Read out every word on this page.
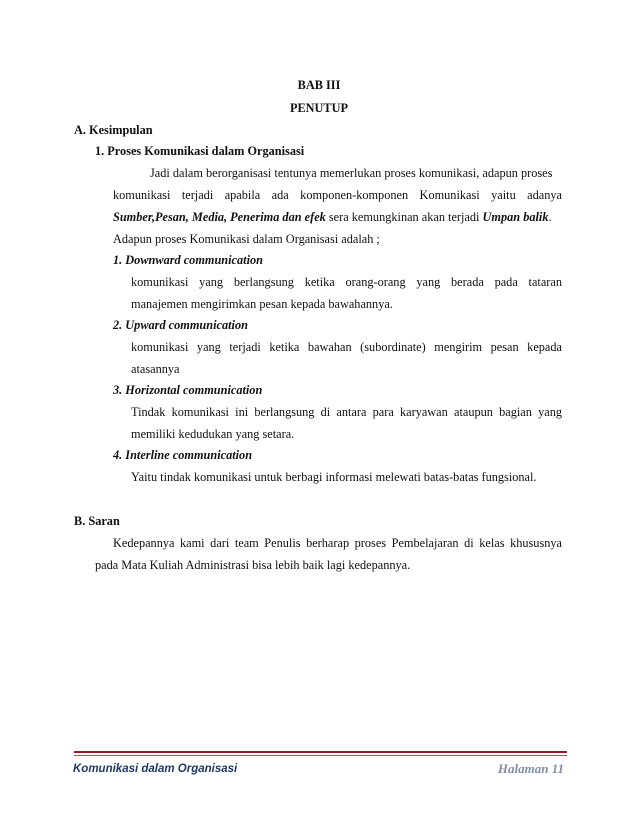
BAB III
PENUTUP
A. Kesimpulan
1. Proses Komunikasi dalam Organisasi
Jadi dalam berorganisasi tentunya memerlukan proses komunikasi, adapun proses
komunikasi terjadi apabila ada komponen-komponen Komunikasi yaitu adanya
Sumber,Pesan, Media, Penerima dan efek sera kemungkinan akan terjadi Umpan balik.
Adapun proses Komunikasi dalam Organisasi adalah ;
1. Downward communication
komunikasi yang berlangsung ketika orang-orang yang berada pada tataran
manajemen mengirimkan pesan kepada bawahannya.
2. Upward communication
komunikasi yang terjadi ketika bawahan (subordinate) mengirim pesan kepada
atasannya
3. Horizontal communication
Tindak komunikasi ini berlangsung di antara para karyawan ataupun bagian yang
memiliki kedudukan yang setara.
4. Interline communication
Yaitu tindak komunikasi untuk berbagi informasi melewati batas-batas fungsional.
B. Saran
Kedepannya kami dari team Penulis berharap proses Pembelajaran di kelas khususnya
pada Mata Kuliah Administrasi bisa lebih baik lagi kedepannya.
Komunikasi dalam Organisasi	Halaman 11
